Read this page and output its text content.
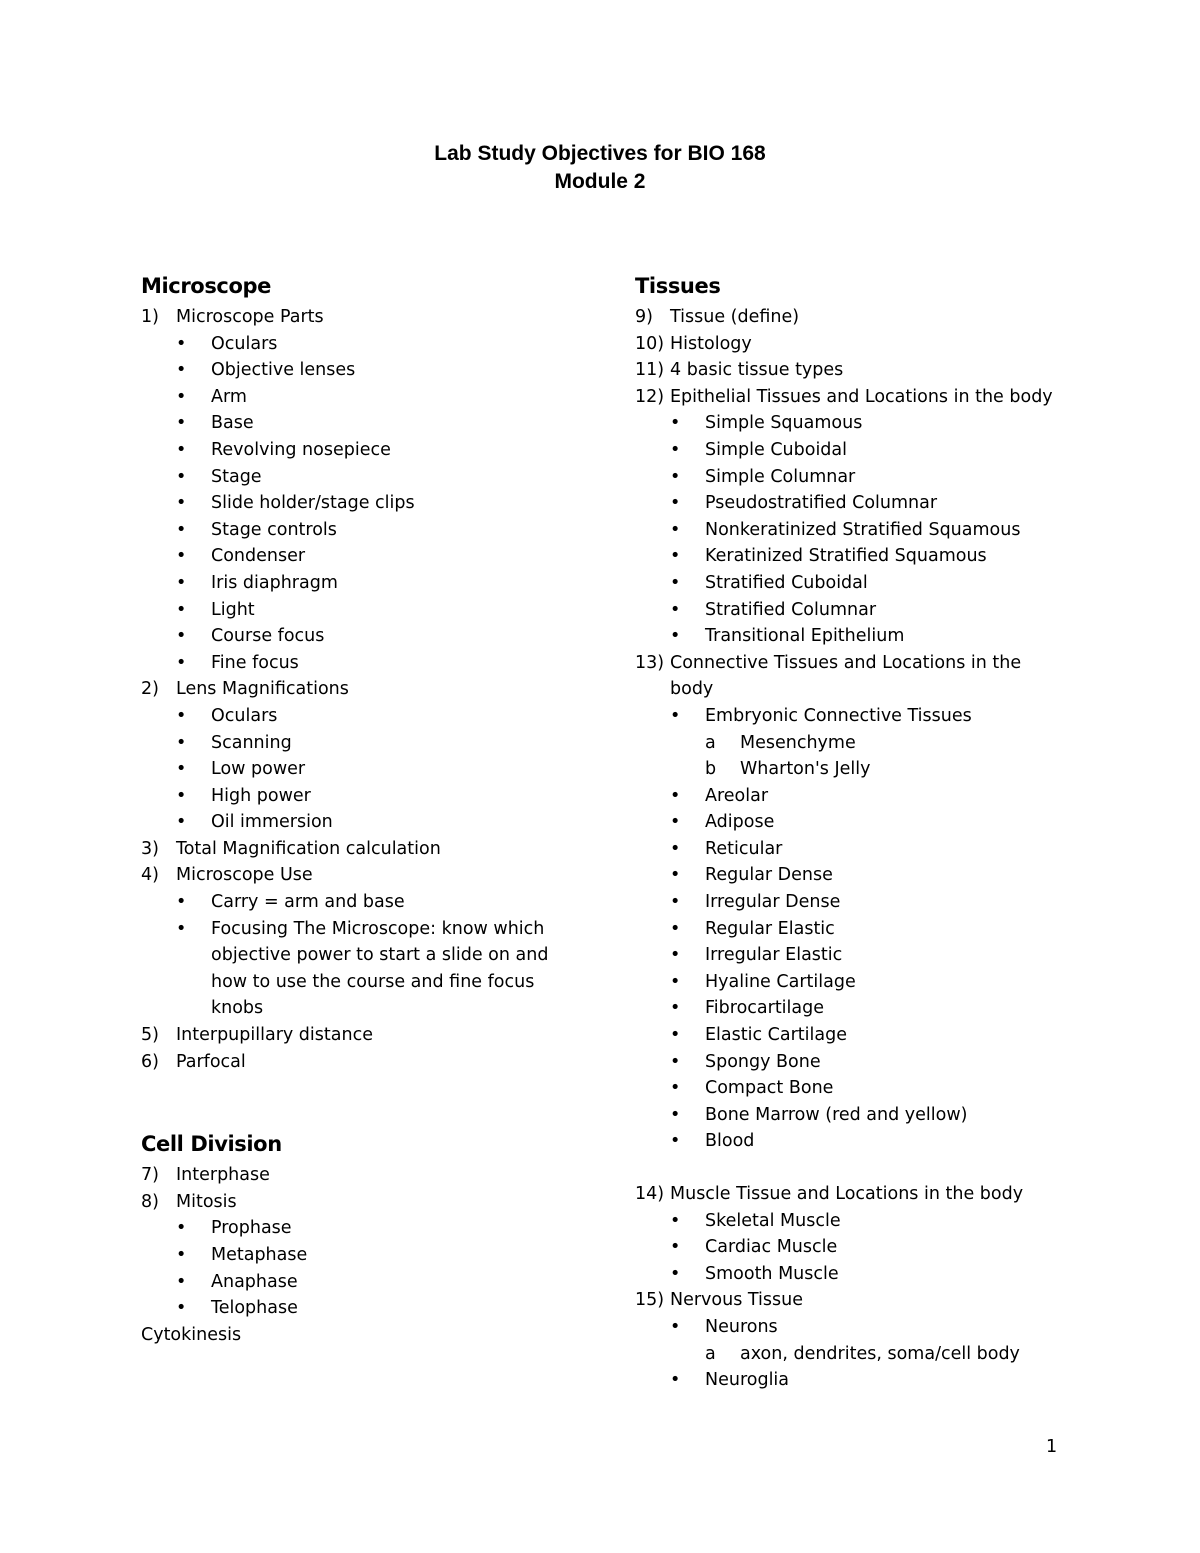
Lab Study Objectives for BIO 168
Module 2
Microscope
1) Microscope Parts
•	Oculars
•	Objective lenses
•	Arm
•	Base
•	Revolving nosepiece
•	Stage
•	Slide holder/stage clips
•	Stage controls
•	Condenser
•	Iris diaphragm
•	Light
•	Course focus
•	Fine focus
2) Lens Magnifications
•	Oculars
•	Scanning
•	Low power
•	High power
•	Oil immersion
3) Total Magnification calculation
4) Microscope Use
•	Carry = arm and base
•	Focusing The Microscope: know which objective power to start a slide on and how to use the course and fine focus knobs
5) Interpupillary distance
6) Parfocal
Cell Division
7) Interphase
8) Mitosis
•	Prophase
•	Metaphase
•	Anaphase
•	Telophase
Cytokinesis
Tissues
9) Tissue (define)
10) Histology
11) 4 basic tissue types
12) Epithelial Tissues and Locations in the body
•	Simple Squamous
•	Simple Cuboidal
•	Simple Columnar
•	Pseudostratified Columnar
•	Nonkeratinized Stratified Squamous
•	Keratinized Stratified Squamous
•	Stratified Cuboidal
•	Stratified Columnar
•	Transitional Epithelium
13) Connective Tissues and Locations in the body
•	Embryonic Connective Tissues
a	Mesenchyme
b	Wharton's Jelly
•	Areolar
•	Adipose
•	Reticular
•	Regular Dense
•	Irregular Dense
•	Regular Elastic
•	Irregular Elastic
•	Hyaline Cartilage
•	Fibrocartilage
•	Elastic Cartilage
•	Spongy Bone
•	Compact Bone
•	Bone Marrow (red and yellow)
•	Blood
14) Muscle Tissue and Locations in the body
•	Skeletal Muscle
•	Cardiac Muscle
•	Smooth Muscle
15) Nervous Tissue
•	Neurons
a	axon, dendrites, soma/cell body
•	Neuroglia
1
